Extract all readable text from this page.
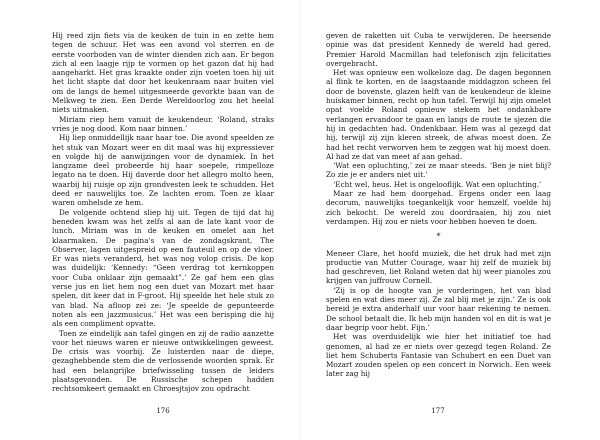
Hij reed zijn fiets via de keuken de tuin in en zette hem tegen de schuur. Het was een avond vol sterren en de eerste voorboden van de winter dienden zich aan. Er begon zich al een laagje rijp te vormen op het gazon dat hij had aangeharkt. Het gras kraakte onder zijn voeten toen hij uit het licht stapte dat door het keukenraam naar buiten viel om de langs de hemel uitgesmeerde gevorkte baan van de Melkweg te zien. Een Derde Wereldoorlog zou het heelal niets uitmaken.

Miriam riep hem vanuit de keukendeur. ‘Roland, straks vries je nog dood. Kom naar binnen.’

Hij liep onmiddellijk naar haar toe. Die avond speelden ze het stuk van Mozart weer en dit maal was hij expressiever en volgde hij de aanwijzingen voor de dynamiek. In het langzame deel probeerde hij haar soepele, rimpelloze legato na te doen. Hij daverde door het allegro molto heen, waarbij hij ruisje op zijn grondvesten leek te schudden. Het deed er nauwelijks toe. Ze lachten erom. Toen ze klaar waren omhelsde ze hem.

De volgende ochtend sliep hij uit. Tegen de tijd dat hij beneden kwam was het zelfs al aan de late kant voor de lunch. Miriam was in de keuken en omelet aan het klaarmaken. De pagina's van de zondagskrant, The Observer, lagen uitgespreid op een fauteuil en op de vloer. Er was niets veranderd, het was nog volop crisis. De kop was duidelijk: ‘Kennedy: “Geen verdrag tot kernkoppen voor Cuba onklaar zijn gemaakt”.’ Ze gaf hem een glas verse jus en liet hem nog een duet van Mozart met haar spelen, dit keer dat in F-groot. Hij speelde het hele stuk zo van blad. Na afloop zei ze: ‘Je speelde de gepunteerde noten als een jazzmusicus.’ Het was een berisping die hij als een compliment opvatte.

Toen ze eindelijk aan tafel gingen en zij de radio aanzette voor het nieuws waren er nieuwe ontwikkelingen geweest. De crisis was voorbij. Ze luisterden naar de diepe, gezaghebbende stem die de verlossende woorden sprak. Er had een belangrijke briefwisseling tussen de leiders plaatsgevonden. De Russische schepen hadden rechtsomkeert gemaakt en Chroesjtsjov zou opdracht

176

geven de raketten uit Cuba te verwijderen. De heersende opinie was dat president Kennedy de wereld had gered. Premier Harold Macmillan had telefonisch zijn felicitaties overgebracht.

Het was opnieuw een wolkeloze dag. De dagen begonnen al flink te korten, en de laagstaande middagzon scheen fel door de bovenste, glazen helft van de keukendeur de kleine huiskamer binnen, recht op hun tafel. Terwijl hij zijn omelet opat voelde Roland opnieuw stekem het ondankbare verlangen ervandoor te gaan en langs de route te sjezen die hij in gedachten had. Ondenkbaar. Hem was al gezegd dat hij, terwijl zij zijn kleren streek, de afwas moest doen. Ze had het recht verworven hem te zeggen wat hij moest doen. Al had ze dat van meet af aan gehad.

‘Wat een opluchting,’ zei ze maar steeds. ‘Ben je niet blij? Zo zie je er anders niet uit.’

‘Echt wel, heus. Het is ongelooflijk. Wat een opluchting.’

Maar ze had hem doorgehad. Ergens onder een laag decorum, nauwelijks toegankelijk voor hemzelf, voelde hij zich bekocht. De wereld zou doordraaien, hij zou niet verdampen. Hij zou er niets voor hebben hoeven te doen.

*

Meneer Clare, het hoofd muziek, die het druk had met zijn productie van Mutter Courage, waar hij zelf de muziek bij had geschreven, liet Roland weten dat hij weer pianoles zou krijgen van juffrouw Cornell.

‘Zij is op de hoogte van je vorderingen, het van blad spelen en wat dies meer zij. Ze zal blij met je zijn.’ Ze is ook bereid je extra anderhalf uur voor haar rekening te nemen. De school betaalt die. Ik heb mijn handen vol en dit is wat je daar begrip voor hebt. Fijn.’

Het was overduidelijk wie hier het initiatief toe had genomen, al had ze er niets over gezegd tegen Roland. Ze liet hem Schuberts Fantasie van Schubert en een Duet van Mozart zouden spelen op een concert in Norwich. Een week later zag hij

177
